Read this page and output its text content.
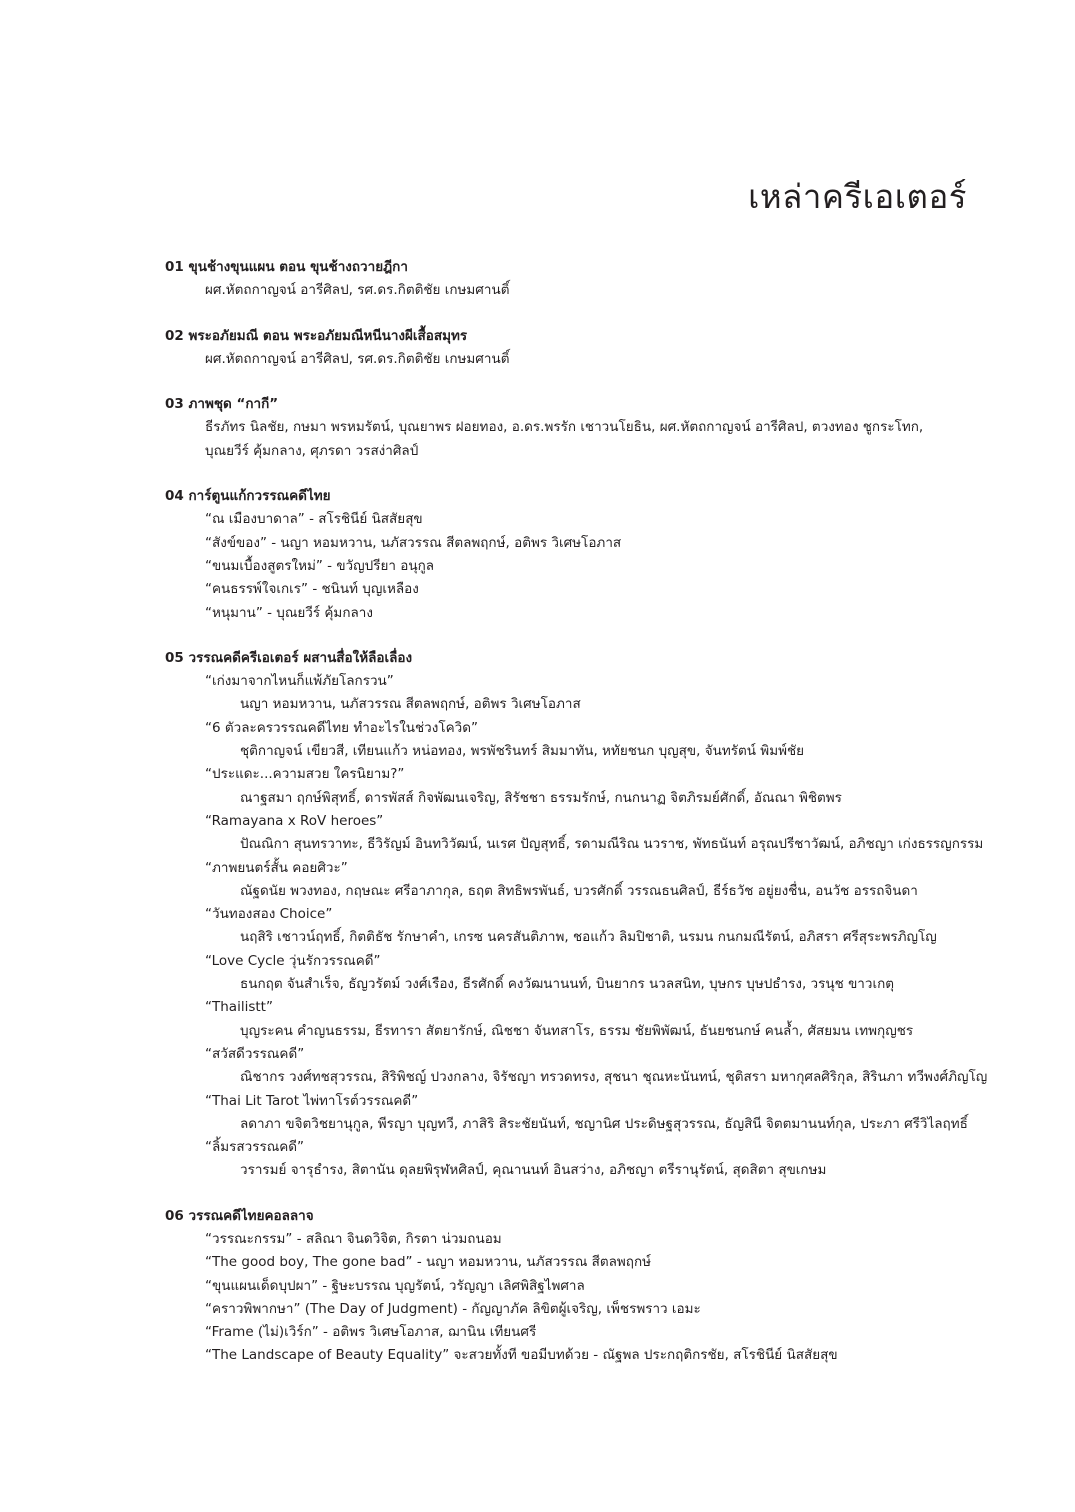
เหล่าครีเอเตอร์
01 ขุนช้างขุนแผน ตอน ขุนช้างถวายฎีกา
ผศ.หัตถกาญจน์ อารีศิลป, รศ.ดร.กิตติชัย เกษมศานติ์
02 พระอภัยมณี ตอน พระอภัยมณีหนีนางผีเสื้อสมุทร
ผศ.หัตถกาญจน์ อารีศิลป, รศ.ดร.กิตติชัย เกษมศานติ์
03 ภาพชุด “กากี”
ธีรภัทร นิลชัย, กษมา พรหมรัตน์, บุณยาพร ฝอยทอง, อ.ดร.พรรัก เชาวนโยธิน, ผศ.หัตถกาญจน์ อารีศิลป, ตวงทอง ชูกระโทก,
บุณยวีร์ คุ้มกลาง, ศุภรดา วรสง่าศิลป์
04 การ์ตูนแก้กวรรณคดีไทย
“ณ เมืองบาดาล” - สโรชินีย์ นิสสัยสุข
“สังข์ของ” - นญา หอมหวาน, นภัสวรรณ สีตลพฤกษ์, อติพร วิเศษโอภาส
“ขนมเบื้องสูตรใหม่” - ขวัญปรียา อนุกูล
“คนธรรพ์ใจเกเร” - ชนินท์ บุญเหลือง
“หนุมาน” - บุณยวีร์ คุ้มกลาง
05 วรรณคดีครีเอเตอร์ ผสานสื่อให้ลือเลื่อง
“เก่งมาจากไหนก็แพ้ภัยโลกรวน”
นญา หอมหวาน, นภัสวรรณ สีตลพฤกษ์, อติพร วิเศษโอภาส
“6 ตัวละครวรรณคดีไทย ทำอะไรในช่วงโควิด”
ชุติกาญจน์ เขียวสี, เทียนแก้ว หน่อทอง, พรพัชรินทร์ สิมมาทัน, หทัยชนก บุญสุข, จันทรัตน์ พิมพ์ชัย
“ประแดะ...ความสวย ใครนิยาม?”
ณาฐสมา ฤกษ์พิสุทธิ์, ดารพัสส์ กิจพัฒนเจริญ, สิรัชชา ธรรมรักษ์, กนกนาฏ จิตภิรมย์ศักดิ์, อัณณา พิชิตพร
“Ramayana x RoV heroes”
ปัณณิกา สุนทรวาทะ, ธีวิรัญม์ อินทวิวัฒน์, นเรศ ปัญสุทธิ์, รดามณีริณ นวราช, พัทธนันท์ อรุณปรีชาวัฒน์, อภิชญา เก่งธรรญกรรม
“ภาพยนตร์สั้น คอยศิวะ”
ณัฐดนัย พวงทอง, กฤษณะ ศรีอาภากุล, ธฤต สิทธิพรพันธ์, บวรศักดิ์ วรรณธนศิลป์, ธีร์ธวัช อยู่ยงชื่น, อนวัช อรรถจินดา
“วันทองสอง Choice”
นฤสิริ เชาวน์ฤทธิ์, กิตติธัช รักษาคำ, เกรซ นครสันติภาพ, ชอแก้ว ลิมปิชาติ, นรมน กนกมณีรัตน์, อภิสรา ศรีสุระพรภิญโญ
“Love Cycle วุ่นรักวรรณคดี”
ธนกฤต จันสำเร็จ, ธัญวรัตม์ วงศ์เรือง, ธีรศักดิ์ คงวัฒนานนท์, บินยากร นวลสนิท, บุษกร บุษปธำรง, วรนุช ขาวเกตุ
“Thailistt”
บุญระคน คำญนธรรม, ธีรทารา สัตยารักษ์, ณิชชา จันทสาโร, ธรรม ชัยพิพัฒน์, ธันยชนกษ์ คนล้ำ, ศัสยมน เทพกุญชร
“สวัสดีวรรณคดี”
ณิชากร วงศ์ทชสุวรรณ, สิริพิชญ์ ปวงกลาง, จิรัชญา ทรวดทรง, สุชนา ชุณหะนันทน์, ชุติสรา มหากุศลศิริกุล, สิรินภา ทวีพงศ์ภิญโญ
“Thai Lit Tarot ไพ่ทาโรต์วรรณคดี”
ลดาภา ขจิตวิชยานุกูล, พีรญา บุญทวี, ภาสิริ สิระชัยนันท์, ชญานิศ ประดิษฐสุวรรณ, ธัญสินี จิตตมานนท์กุล, ประภา ศรีวิไลฤทธิ์
“ลิ้มรสวรรณคดี”
วรารมย์ จารุธำรง, สิตานัน ดุลยพิรุฬหศิลป์, คุณานนท์ อินสว่าง, อภิชญา ตรีรานุรัตน์, สุดสิตา สุขเกษม
06 วรรณคดีไทยคอลลาจ
“วรรณะกรรม” - สลิณา จินดวิจิต, กิรตา น่วมถนอม
“The good boy, The gone bad” - นญา หอมหวาน, นภัสวรรณ สีตลพฤกษ์
“ขุนแผนเด็ดบุปผา” - ฐิษะบรรณ บุญรัตน์, วรัญญา เลิศพิสิฐไพศาล
“คราวพิพากษา” (The Day of Judgment) - กัญญาภัค ลิขิตผู้เจริญ, เพ็ชรพราว เอมะ
“Frame (ไม่)เวิร์ก” - อติพร วิเศษโอภาส, ฌานิน เทียนศรี
“The Landscape of Beauty Equality” จะสวยทั้งที ขอมีบทด้วย - ณัฐพล ประกฤติกรชัย, สโรชินีย์ นิสสัยสุข
